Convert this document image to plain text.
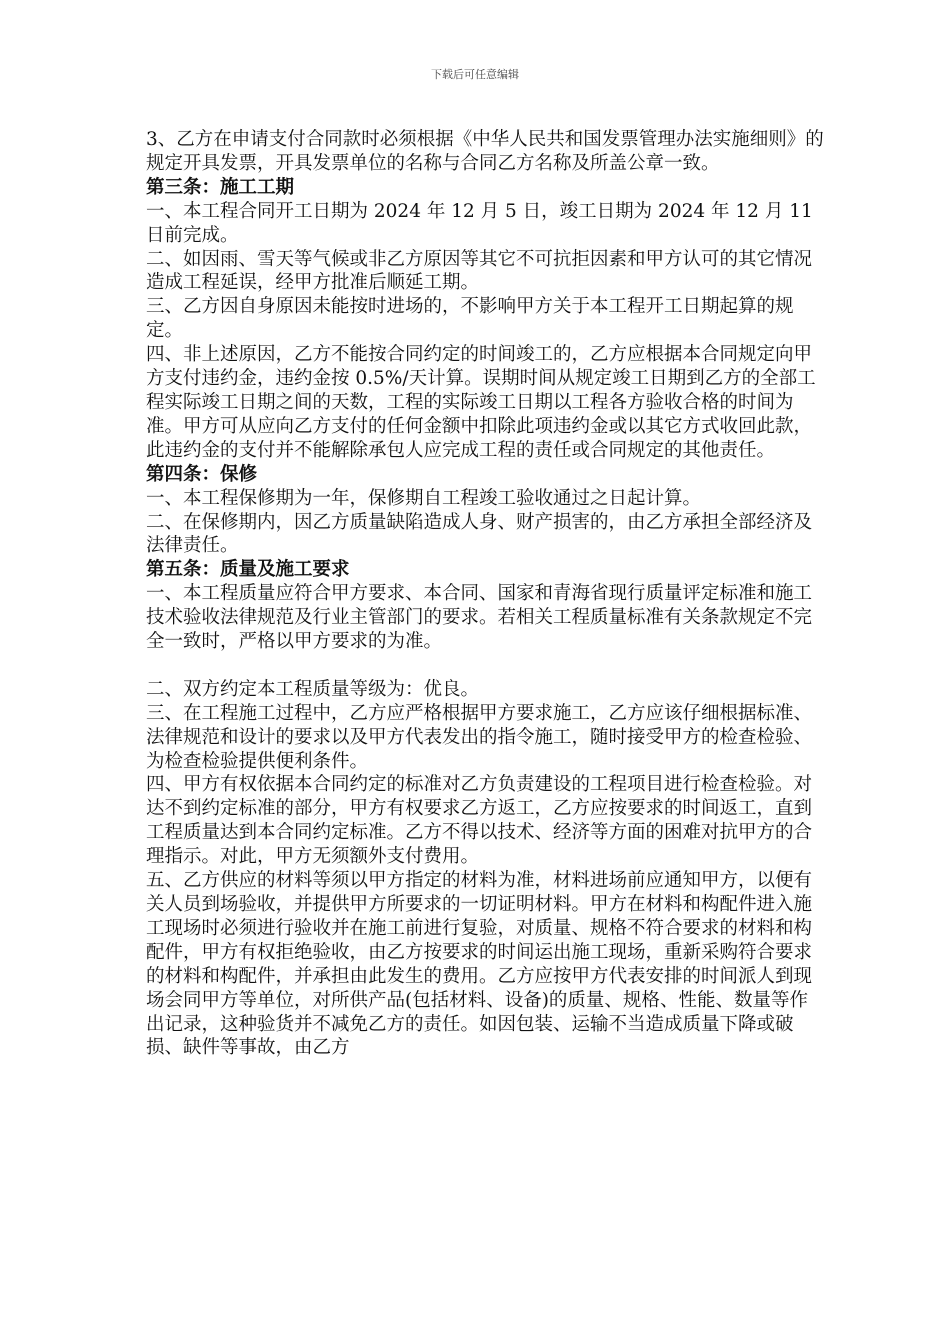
下载后可任意编辑

3、乙方在申请支付合同款时必须根据《中华人民共和国发票管理办法实施细则》的规定开具发票，开具发票单位的名称与合同乙方名称及所盖公章一致。

第三条：施工工期

一、本工程合同开工日期为 2024 年 12 月 5 日，竣工日期为 2024 年 12 月 11 日前完成。

二、如因雨、雪天等气候或非乙方原因等其它不可抗拒因素和甲方认可的其它情况造成工程延误，经甲方批准后顺延工期。

三、乙方因自身原因未能按时进场的，不影响甲方关于本工程开工日期起算的规定。

四、非上述原因，乙方不能按合同约定的时间竣工的，乙方应根据本合同规定向甲方支付违约金，违约金按 0.5%/天计算。误期时间从规定竣工日期到乙方的全部工程实际竣工日期之间的天数，工程的实际竣工日期以工程各方验收合格的时间为准。甲方可从应向乙方支付的任何金额中扣除此项违约金或以其它方式收回此款，此违约金的支付并不能解除承包人应完成工程的责任或合同规定的其他责任。

第四条：保修

一、本工程保修期为一年，保修期自工程竣工验收通过之日起计算。

二、在保修期内，因乙方质量缺陷造成人身、财产损害的，由乙方承担全部经济及法律责任。

第五条：质量及施工要求

一、本工程质量应符合甲方要求、本合同、国家和青海省现行质量评定标准和施工技术验收法律规范及行业主管部门的要求。若相关工程质量标准有关条款规定不完全一致时，严格以甲方要求的为准。

二、双方约定本工程质量等级为：优良。

三、在工程施工过程中，乙方应严格根据甲方要求施工，乙方应该仔细根据标准、法律规范和设计的要求以及甲方代表发出的指令施工，随时接受甲方的检查检验、为检查检验提供便利条件。

四、甲方有权依据本合同约定的标准对乙方负责建设的工程项目进行检查检验。对达不到约定标准的部分，甲方有权要求乙方返工，乙方应按要求的时间返工，直到工程质量达到本合同约定标准。乙方不得以技术、经济等方面的困难对抗甲方的合理指示。对此，甲方无须额外支付费用。

五、乙方供应的材料等须以甲方指定的材料为准，材料进场前应通知甲方，以便有关人员到场验收，并提供甲方所要求的一切证明材料。甲方在材料和构配件进入施工现场时必须进行验收并在施工前进行复验，对质量、规格不符合要求的材料和构配件，甲方有权拒绝验收，由乙方按要求的时间运出施工现场，重新采购符合要求的材料和构配件，并承担由此发生的费用。乙方应按甲方代表安排的时间派人到现场会同甲方等单位，对所供产品(包括材料、设备)的质量、规格、性能、数量等作出记录，这种验货并不减免乙方的责任。如因包装、运输不当造成质量下降或破损、缺件等事故，由乙方
